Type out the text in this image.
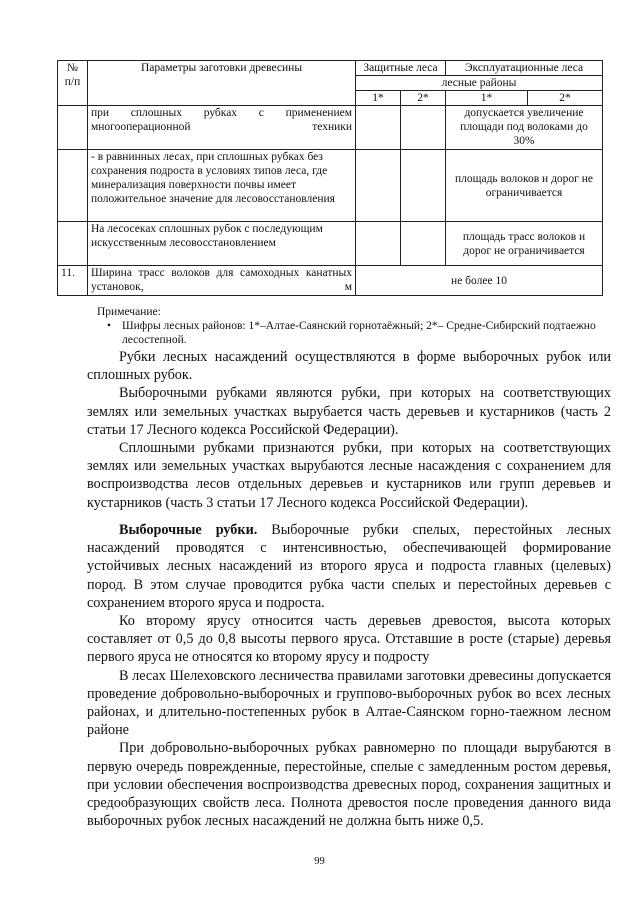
№ п/п	Параметры заготовки древесины	Защитные леса		Эксплуатационные леса	
		лесные районы			
		1*	2*	1*	2*
	при сплошных рубках с применением многооперационной техники			допускается увеличение площади под волоками до 30%	
	- в равнинных лесах, при сплошных рубках без сохранения подроста в условиях типов леса, где минерализация поверхности почвы имеет положительное значение для лесовосстановления			площадь волоков и дорог не ограничивается	
	На лесосеках сплошных рубок с последующим искусственным лесовосстановлением			площадь трасс волоков и дорог не ограничивается	
11.	Ширина трасс волоков для самоходных канатных установок, м	не более 10			
Примечание:
• Шифры лесных районов: 1*–Алтае-Саянский горнотаёжный; 2*– Средне-Сибирский подтаежно лесостепной.

Рубки лесных насаждений осуществляются в форме выборочных рубок или сплошных рубок.

Выборочными рубками являются рубки, при которых на соответствующих землях или земельных участках вырубается часть деревьев и кустарников (часть 2 статьи 17 Лесного кодекса Российской Федерации).

Сплошными рубками признаются рубки, при которых на соответствующих землях или земельных участках вырубаются лесные насаждения с сохранением для воспроизводства лесов отдельных деревьев и кустарников или групп деревьев и кустарников (часть 3 статьи 17 Лесного кодекса Российской Федерации).

Выборочные рубки. Выборочные рубки спелых, перестойных лесных насаждений проводятся с интенсивностью, обеспечивающей формирование устойчивых лесных насаждений из второго яруса и подроста главных (целевых) пород. В этом случае проводится рубка части спелых и перестойных деревьев с сохранением второго яруса и подроста.

Ко второму ярусу относится часть деревьев древостоя, высота которых составляет от 0,5 до 0,8 высоты первого яруса. Отставшие в росте (старые) деревья первого яруса не относятся ко второму ярусу и подросту

В лесах Шелеховского лесничества правилами заготовки древесины допускается проведение добровольно-выборочных и группово-выборочных рубок во всех лесных районах, и длительно-постепенных рубок в Алтае-Саянском горно-таежном лесном районе

При добровольно-выборочных рубках равномерно по площади вырубаются в первую очередь поврежденные, перестойные, спелые с замедленным ростом деревья, при условии обеспечения воспроизводства древесных пород, сохранения защитных и средообразующих свойств леса. Полнота древостоя после проведения данного вида выборочных рубок лесных насаждений не должна быть ниже 0,5.

99
